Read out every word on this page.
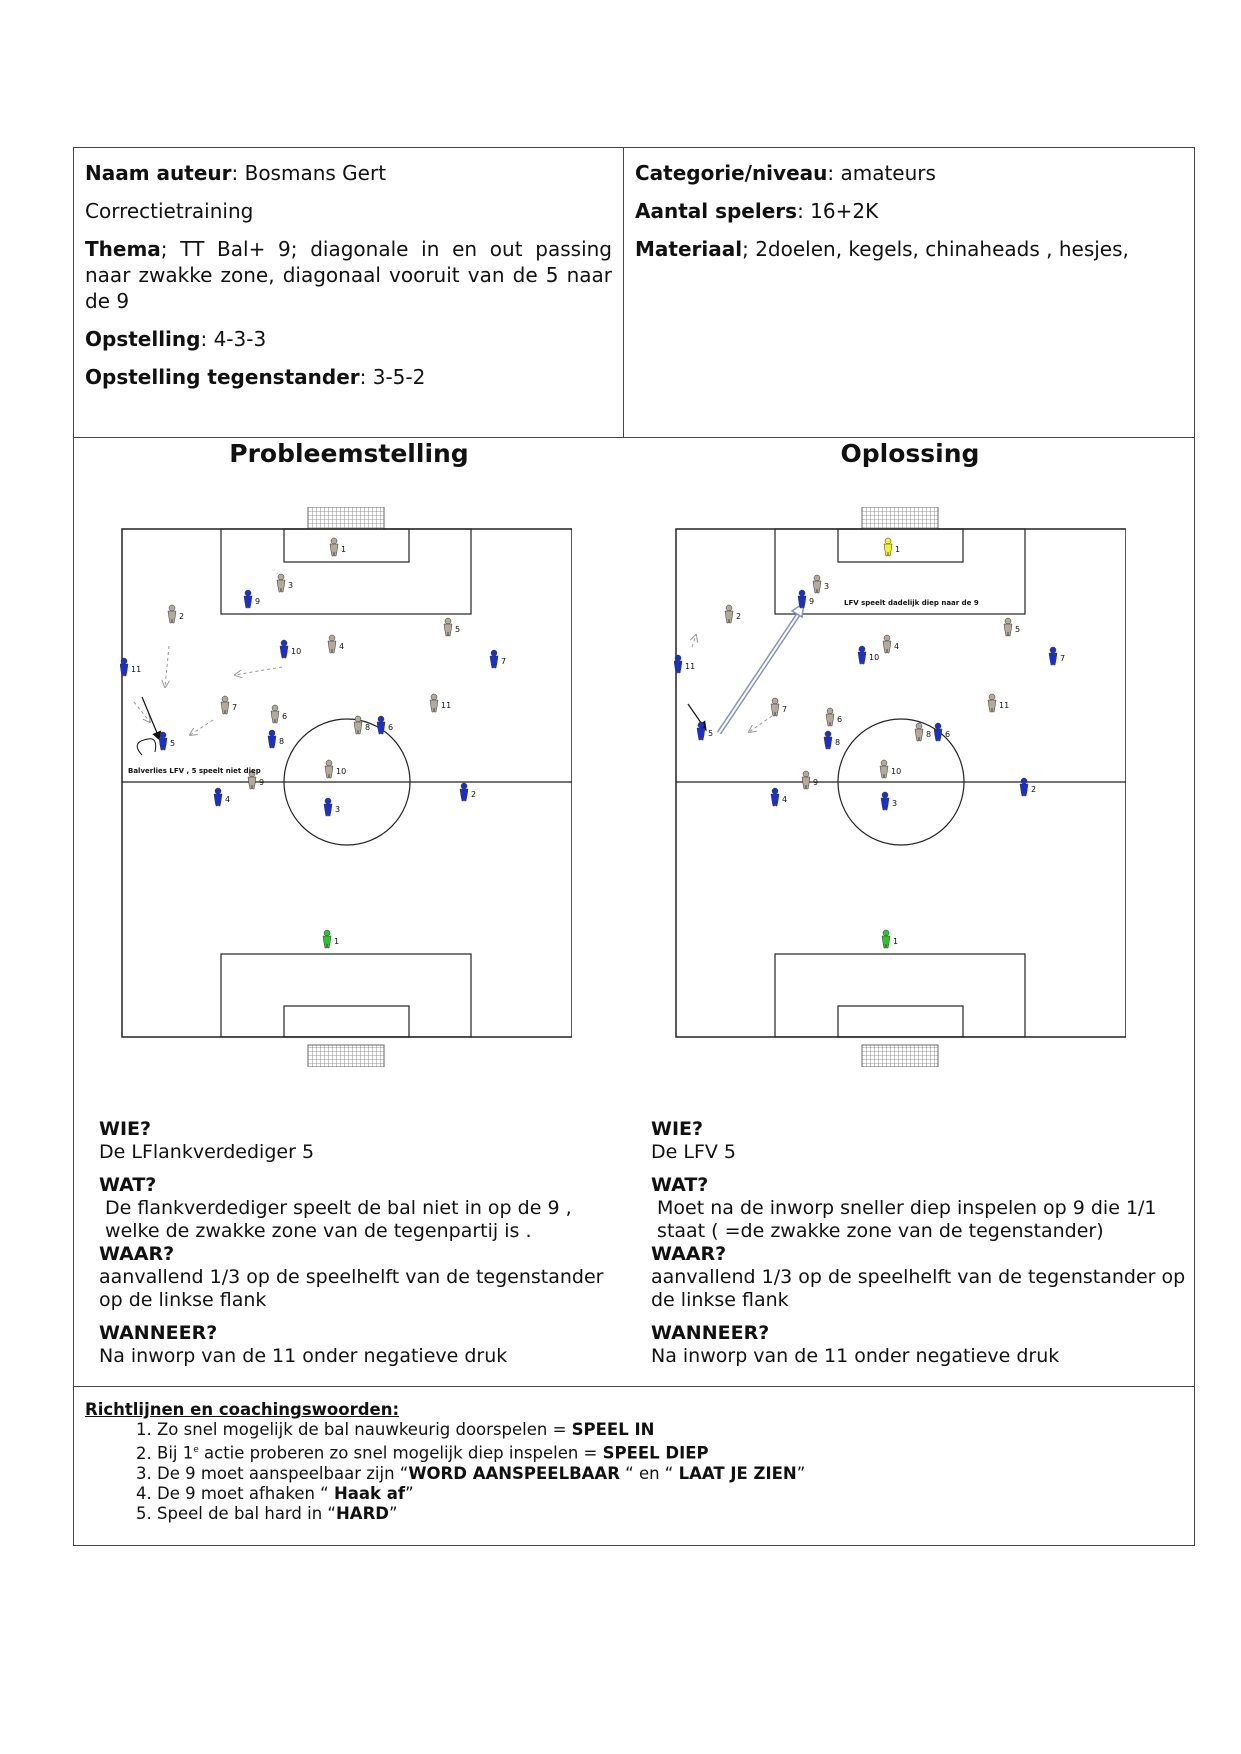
Naam auteur: Bosmans Gert

Correctietraining

Thema; TT Bal+ 9; diagonale in en out passing naar zwakke zone, diagonaal vooruit van de 5 naar de 9

Opstelling: 4-3-3

Opstelling tegenstander: 3-5-2

Categorie/niveau: amateurs

Aantal spelers: 16+2K

Materiaal; 2doelen, kegels, chinaheads , hesjes,

Probleemstelling	Oplossing
9
10
11
5	8
6
4
3
2
7
1
3
2
5
4
7
6
8
11
10
9
1
Balverlies LFV , 5 speelt niet diep
9
10
11
5
8
6
4	3
2
7
1
3
2
5
4
7
6
8
11
10
9
1
LFV speelt dadelijk diep naar de 9
WIE?
De LFlankverdediger 5
WAT?
De flankverdediger speelt de bal niet in op de 9 ,
welke de zwakke zone van de tegenpartij is .
WAAR?
aanvallend 1/3 op de speelhelft van de tegenstander
op de linkse flank
WANNEER?
Na inworp van de 11 onder negatieve druk
WIE?
De LFV 5
WAT?
Moet na de inworp sneller diep inspelen op 9 die 1/1
staat ( =de zwakke zone van de tegenstander)
WAAR?
aanvallend 1/3 op de speelhelft van de tegenstander op
de linkse flank
WANNEER?
Na inworp van de 11 onder negatieve druk
Richtlijnen en coachingswoorden:
1. Zo snel mogelijk de bal nauwkeurig doorspelen = SPEEL IN
2. Bij 1e actie proberen zo snel mogelijk diep inspelen = SPEEL DIEP
3. De 9 moet aanspeelbaar zijn “WORD AANSPEELBAAR “ en “ LAAT JE ZIEN”
4. De 9 moet afhaken “ Haak af”
5. Speel de bal hard in “HARD”
